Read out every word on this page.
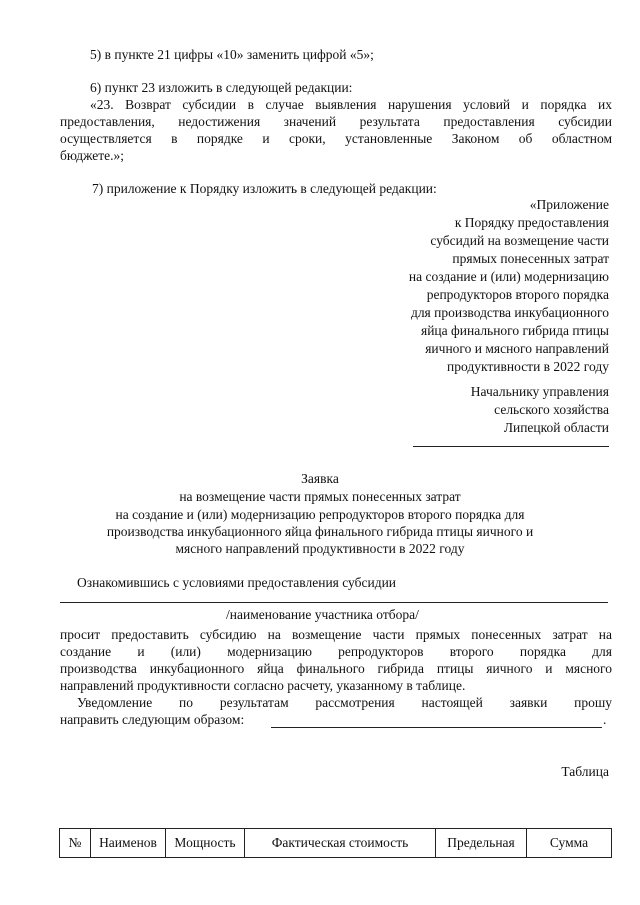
5) в пункте 21 цифры «10» заменить цифрой «5»;
6) пункт 23 изложить в следующей редакции:
«23. Возврат субсидии в случае выявления нарушения условий и порядка их
предоставления, недостижения значений результата предоставления субсидии
осуществляется в порядке и сроки, установленные Законом об областном
бюджете.»;
7) приложение к Порядку изложить в следующей редакции:
«Приложение
к Порядку предоставления
субсидий на возмещение части
прямых понесенных затрат
на создание и (или) модернизацию
репродукторов второго порядка
для производства инкубационного
яйца финального гибрида птицы
яичного и мясного направлений
продуктивности в 2022 году
Начальнику управления
сельского хозяйства
Липецкой области
Заявка
на возмещение части прямых понесенных затрат
на создание и (или) модернизацию репродукторов второго порядка для
производства инкубационного яйца финального гибрида птицы яичного и
мясного направлений продуктивности в 2022 году
Ознакомившись с условиями предоставления субсидии
/наименование участника отбора/
просит предоставить субсидию на возмещение части прямых понесенных затрат на
создание и (или) модернизацию репродукторов второго порядка для
производства инкубационного яйца финального гибрида птицы яичного и мясного
направлений продуктивности согласно расчету, указанному в таблице.
Уведомление по результатам рассмотрения настоящей заявки прошу
направить следующим образом:	.
Таблица
№	Наименов	Мощность	Фактическая стоимость	Предельная	Сумма
